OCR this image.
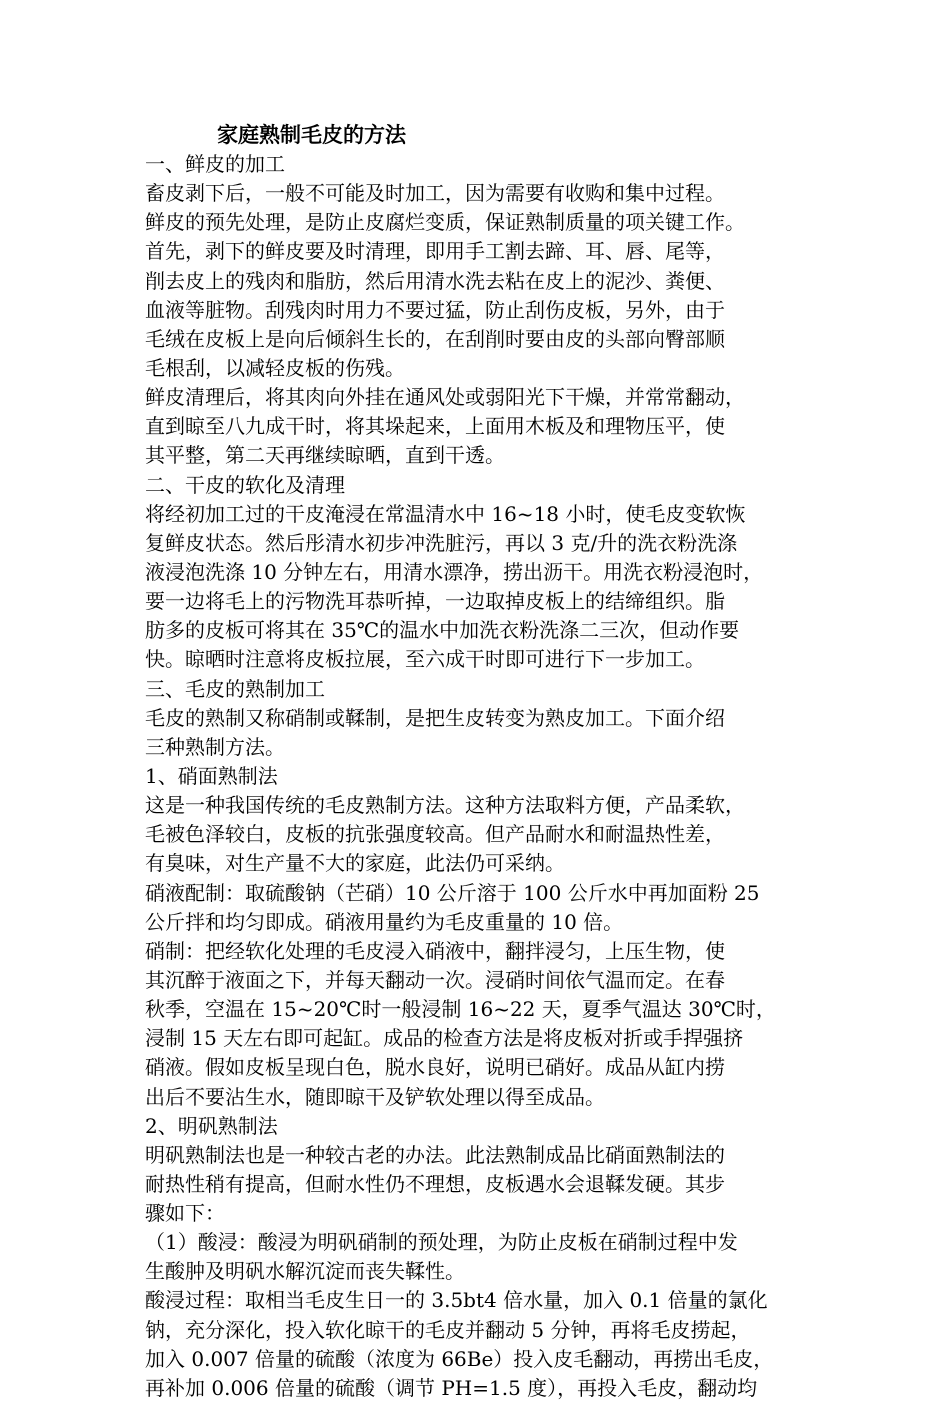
家庭熟制毛皮的方法
一、鲜皮的加工
畜皮剥下后，一般不可能及时加工，因为需要有收购和集中过程。
鲜皮的预先处理，是防止皮腐烂变质，保证熟制质量的项关键工作。
首先，剥下的鲜皮要及时清理，即用手工割去蹄、耳、唇、尾等，
削去皮上的残肉和脂肪，然后用清水洗去粘在皮上的泥沙、粪便、
血液等脏物。刮残肉时用力不要过猛，防止刮伤皮板，另外，由于
毛绒在皮板上是向后倾斜生长的，在刮削时要由皮的头部向臀部顺
毛根刮，以减轻皮板的伤残。
鲜皮清理后，将其肉向外挂在通风处或弱阳光下干燥，并常常翻动，
直到晾至八九成干时，将其垛起来，上面用木板及和理物压平，使
其平整，第二天再继续晾晒，直到干透。
二、干皮的软化及清理
将经初加工过的干皮淹浸在常温清水中 16~18 小时，使毛皮变软恢
复鲜皮状态。然后彤清水初步冲洗脏污，再以 3 克/升的洗衣粉洗涤
液浸泡洗涤 10 分钟左右，用清水漂净，捞出沥干。用洗衣粉浸泡时，
要一边将毛上的污物洗耳恭听掉，一边取掉皮板上的结缔组织。脂
肪多的皮板可将其在 35℃的温水中加洗衣粉洗涤二三次，但动作要
快。晾晒时注意将皮板拉展，至六成干时即可进行下一步加工。
三、毛皮的熟制加工
毛皮的熟制又称硝制或鞣制，是把生皮转变为熟皮加工。下面介绍
三种熟制方法。
1、硝面熟制法
这是一种我国传统的毛皮熟制方法。这种方法取料方便，产品柔软，
毛被色泽较白，皮板的抗张强度较高。但产品耐水和耐温热性差，
有臭味，对生产量不大的家庭，此法仍可采纳。
硝液配制：取硫酸钠（芒硝）10 公斤溶于 100 公斤水中再加面粉 25
公斤拌和均匀即成。硝液用量约为毛皮重量的 10 倍。
硝制：把经软化处理的毛皮浸入硝液中，翻拌浸匀，上压生物，使
其沉醉于液面之下，并每天翻动一次。浸硝时间依气温而定。在春
秋季，空温在 15~20℃时一般浸制 16~22 天，夏季气温达 30℃时，
浸制 15 天左右即可起缸。成品的检查方法是将皮板对折或手捍强挤
硝液。假如皮板呈现白色，脱水良好，说明已硝好。成品从缸内捞
出后不要沾生水，随即晾干及铲软处理以得至成品。
2、明矾熟制法
明矾熟制法也是一种较古老的办法。此法熟制成品比硝面熟制法的
耐热性稍有提高，但耐水性仍不理想，皮板遇水会退鞣发硬。其步
骤如下：
（1）酸浸：酸浸为明矾硝制的预处理，为防止皮板在硝制过程中发
生酸肿及明矾水解沉淀而丧失鞣性。
酸浸过程：取相当毛皮生日一的 3.5bt4 倍水量，加入 0.1 倍量的氯化
钠，充分深化，投入软化晾干的毛皮并翻动 5 分钟，再将毛皮捞起，
加入 0.007 倍量的硫酸（浓度为 66Be）投入皮毛翻动，再捞出毛皮，
再补加 0.006 倍量的硫酸（调节 PH=1.5 度），再投入毛皮，翻动均
